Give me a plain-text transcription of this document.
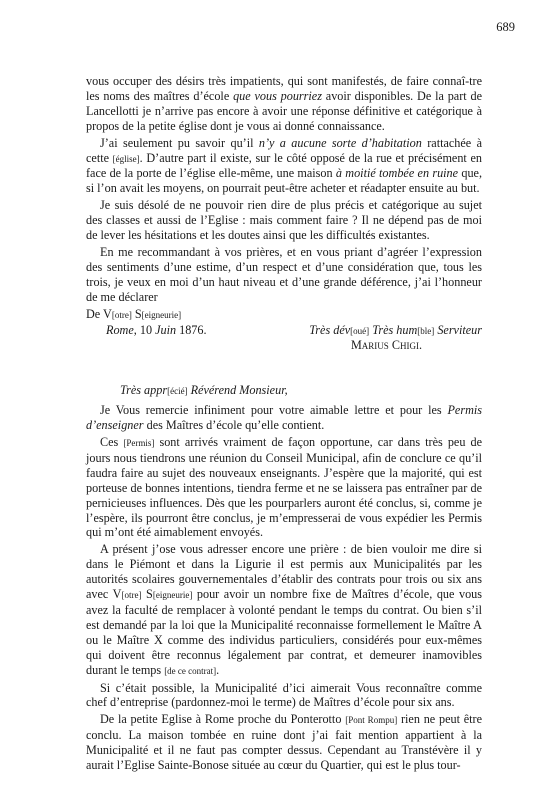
689

vous occuper des désirs très impatients, qui sont manifestés, de faire connaî-tre les noms des maîtres d’école que vous pourriez avoir disponibles. De la part de Lancellotti je n’arrive pas encore à avoir une réponse définitive et catégorique à propos de la petite église dont je vous ai donné connaissance.

J’ai seulement pu savoir qu’il n’y a aucune sorte d’habitation rattachée à cette [église]. D’autre part il existe, sur le côté opposé de la rue et précisément en face de la porte de l’église elle-même, une maison à moitié tombée en ruine que, si l’on avait les moyens, on pourrait peut-être acheter et réadapter ensuite au but.

Je suis désolé de ne pouvoir rien dire de plus précis et catégorique au sujet des classes et aussi de l’Eglise : mais comment faire ? Il ne dépend pas de moi de lever les hésitations et les doutes ainsi que les difficultés existantes.

En me recommandant à vos prières, et en vous priant d’agréer l’expression des sentiments d’une estime, d’un respect et d’une considération que, tous les trois, je veux en moi d’un haut niveau et d’une grande déférence, j’ai l’honneur de me déclarer

De V[otre] S[eigneurie]
Rome, 10 Juin 1876.	Très dév[oué] Très hum[ble] Serviteur
Marius Chigi.
Très appr[écié] Révérend Monsieur,

Je Vous remercie infiniment pour votre aimable lettre et pour les Permis d’enseigner des Maîtres d’école qu’elle contient.

Ces [Permis] sont arrivés vraiment de façon opportune, car dans très peu de jours nous tiendrons une réunion du Conseil Municipal, afin de conclure ce qu’il faudra faire au sujet des nouveaux enseignants. J’espère que la majorité, qui est porteuse de bonnes intentions, tiendra ferme et ne se laissera pas entraîner par de pernicieuses influences. Dès que les pourparlers auront été conclus, si, comme je l’espère, ils pourront être conclus, je m’empresserai de vous expédier les Permis qui m’ont été aimablement envoyés.

A présent j’ose vous adresser encore une prière : de bien vouloir me dire si dans le Piémont et dans la Ligurie il est permis aux Municipalités par les autorités scolaires gouvernementales d’établir des contrats pour trois ou six ans avec V[otre] S[eigneurie] pour avoir un nombre fixe de Maîtres d’école, que vous avez la faculté de remplacer à volonté pendant le temps du contrat. Ou bien s’il est demandé par la loi que la Municipalité reconnaisse formellement le Maître A ou le Maître X comme des individus particuliers, considérés pour eux-mêmes qui doivent être reconnus légalement par contrat, et demeurer inamovibles durant le temps [de ce contrat].

Si c’était possible, la Municipalité d’ici aimerait Vous reconnaître comme chef d’entreprise (pardonnez-moi le terme) de Maîtres d’école pour six ans.

De la petite Eglise à Rome proche du Ponterotto [Pont Rompu] rien ne peut être conclu. La maison tombée en ruine dont j’ai fait mention appartient à la Municipalité et il ne faut pas compter dessus. Cependant au Transtévère il y aurait l’Eglise Sainte-Bonose située au cœur du Quartier, qui est le plus tour-
